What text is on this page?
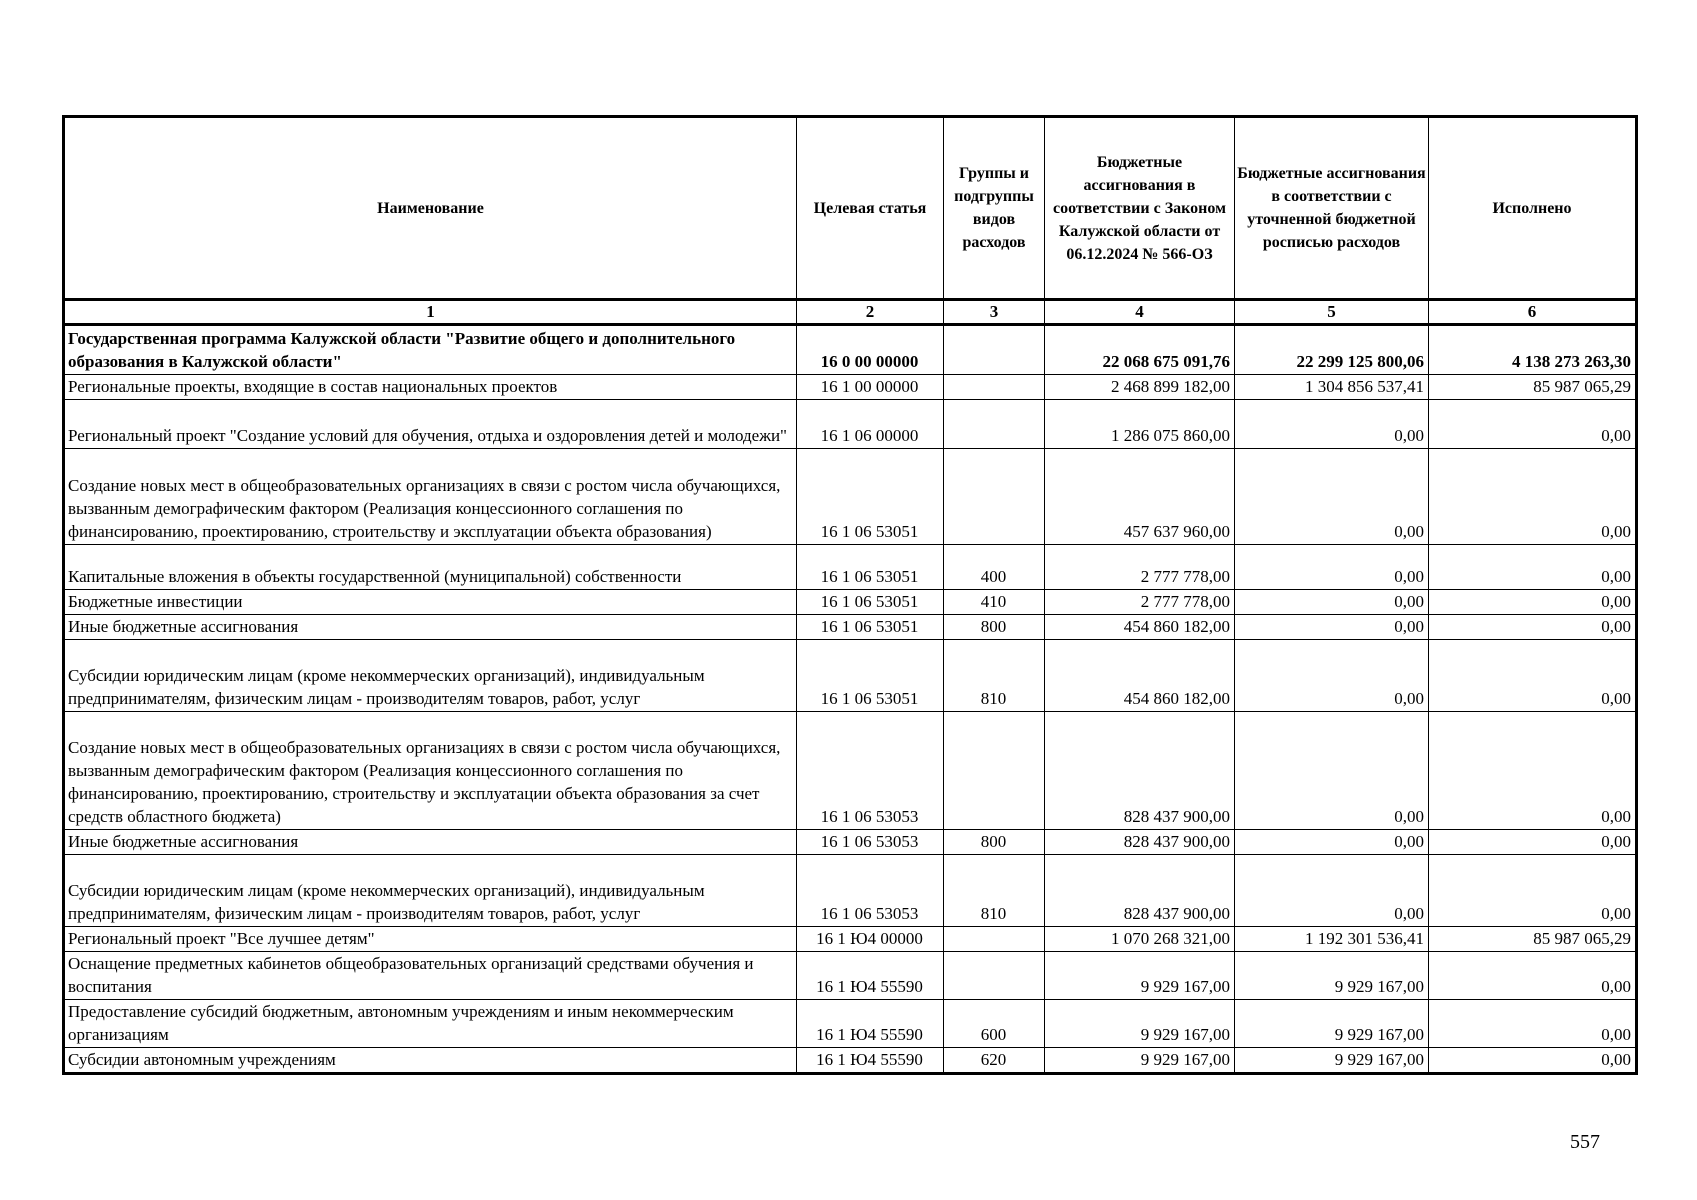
Наименование	Целевая статья	Группы и подгруппы видов расходов	Бюджетные ассигнования в соответствии с Законом Калужской области от 06.12.2024 № 566-ОЗ	Бюджетные ассигнования в соответствии с уточненной бюджетной росписью расходов	Исполнено
1	2	3	4	5	6
Государственная программа Калужской области "Развитие общего и дополнительного образования в Калужской области"	16 0 00 00000		22 068 675 091,76	22 299 125 800,06	4 138 273 263,30
Региональные проекты, входящие в состав национальных проектов	16 1 00 00000		2 468 899 182,00	1 304 856 537,41	85 987 065,29
Региональный проект "Создание условий для обучения, отдыха и оздоровления детей и молодежи"	16 1 06 00000		1 286 075 860,00	0,00	0,00
Создание новых мест в общеобразовательных организациях в связи с ростом числа обучающихся, вызванным демографическим фактором (Реализация концессионного соглашения по финансированию, проектированию, строительству и эксплуатации объекта образования)	16 1 06 53051		457 637 960,00	0,00	0,00
Капитальные вложения в объекты государственной (муниципальной) собственности	16 1 06 53051	400	2 777 778,00	0,00	0,00
Бюджетные инвестиции	16 1 06 53051	410	2 777 778,00	0,00	0,00
Иные бюджетные ассигнования	16 1 06 53051	800	454 860 182,00	0,00	0,00
Субсидии юридическим лицам (кроме некоммерческих организаций), индивидуальным предпринимателям, физическим лицам - производителям товаров, работ, услуг	16 1 06 53051	810	454 860 182,00	0,00	0,00
Создание новых мест в общеобразовательных организациях в связи с ростом числа обучающихся, вызванным демографическим фактором (Реализация концессионного соглашения по финансированию, проектированию, строительству и эксплуатации объекта образования за счет средств областного бюджета)	16 1 06 53053		828 437 900,00	0,00	0,00
Иные бюджетные ассигнования	16 1 06 53053	800	828 437 900,00	0,00	0,00
Субсидии юридическим лицам (кроме некоммерческих организаций), индивидуальным предпринимателям, физическим лицам - производителям товаров, работ, услуг	16 1 06 53053	810	828 437 900,00	0,00	0,00
Региональный проект "Все лучшее детям"	16 1 Ю4 00000		1 070 268 321,00	1 192 301 536,41	85 987 065,29
Оснащение предметных кабинетов общеобразовательных организаций средствами обучения и воспитания	16 1 Ю4 55590		9 929 167,00	9 929 167,00	0,00
Предоставление субсидий бюджетным, автономным учреждениям и иным некоммерческим организациям	16 1 Ю4 55590	600	9 929 167,00	9 929 167,00	0,00
Субсидии автономным учреждениям	16 1 Ю4 55590	620	9 929 167,00	9 929 167,00	0,00
557
